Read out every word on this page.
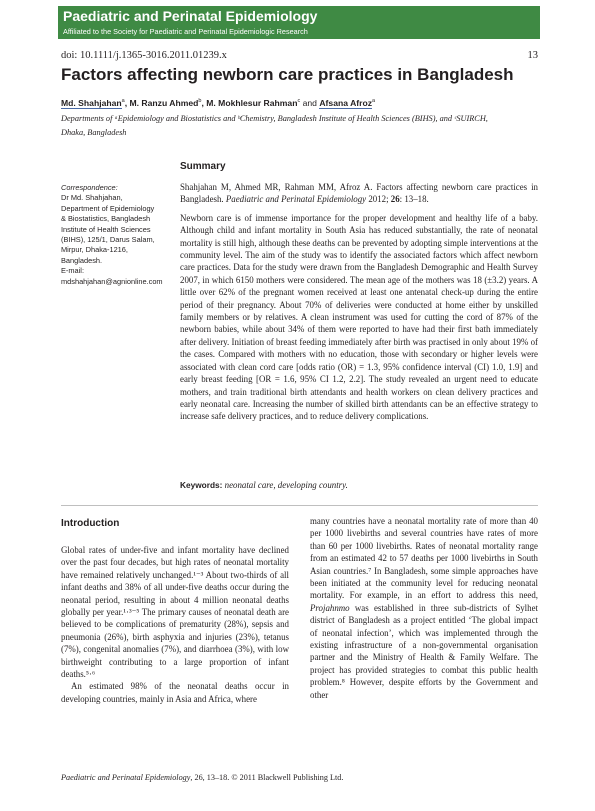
Paediatric and Perinatal Epidemiology
Affiliated to the Society for Paediatric and Perinatal Epidemiologic Research
doi: 10.1111/j.1365-3016.2011.01239.x	13
Factors affecting newborn care practices in Bangladesh
Md. Shahjahan$^a$, M. Ranzu Ahmed$^b$, M. Mokhlesur Rahman$^c$ and Afsana Afroz$^a$
Departments of ᵃEpidemiology and Biostatistics and ᵇChemistry, Bangladesh Institute of Health Sciences (BIHS), and ᶜSUIRCH,
Dhaka, Bangladesh
Summary
Correspondence:
Dr Md. Shahjahan,
Department of Epidemiology
& Biostatistics, Bangladesh
Institute of Health Sciences
(BIHS), 125/1, Darus Salam,
Mirpur, Dhaka-1216,
Bangladesh.
E-mail:
mdshahjahan@agnionline.com

Shahjahan M, Ahmed MR, Rahman MM, Afroz A. Factors affecting newborn care practices in Bangladesh. Paediatric and Perinatal Epidemiology 2012; 26: 13–18.

Newborn care is of immense importance for the proper development and healthy life of a baby. Although child and infant mortality in South Asia has reduced substantially, the rate of neonatal mortality is still high, although these deaths can be prevented by adopting simple interventions at the community level. The aim of the study was to identify the associated factors which affect newborn care practices. Data for the study were drawn from the Bangladesh Demographic and Health Survey 2007, in which 6150 mothers were considered. The mean age of the mothers was 18 (±3.2) years. A little over 62% of the pregnant women received at least one antenatal check-up during the entire period of their pregnancy. About 70% of deliveries were conducted at home either by unskilled family members or by relatives. A clean instrument was used for cutting the cord of 87% of the newborn babies, while about 34% of them were reported to have had their first bath immediately after delivery. Initiation of breast feeding immediately after birth was practised in only about 19% of the cases. Compared with mothers with no education, those with secondary or higher levels were associated with clean cord care [odds ratio (OR) = 1.3, 95% confidence interval (CI) 1.0, 1.9] and early breast feeding [OR = 1.6, 95% CI 1.2, 2.2]. The study revealed an urgent need to educate mothers, and train traditional birth attendants and health workers on clean delivery practices and early neonatal care. Increasing the number of skilled birth attendants can be an effective strategy to increase safe delivery practices, and to reduce delivery complications.

Keywords: neonatal care, developing country.
Introduction

Global rates of under-five and infant mortality have declined over the past four decades, but high rates of neonatal mortality have remained relatively unchanged.¹⁻³ About two-thirds of all infant deaths and 38% of all under-five deaths occur during the neonatal period, resulting in about 4 million neonatal deaths globally per year.¹·³⁻⁵ The primary causes of neonatal death are believed to be complications of prematurity (28%), sepsis and pneumonia (26%), birth asphyxia and injuries (23%), tetanus (7%), congenital anomalies (7%), and diarrhoea (3%), with low birthweight contributing to a large proportion of infant deaths.⁵·⁶

An estimated 98% of the neonatal deaths occur in developing countries, mainly in Asia and Africa, where

many countries have a neonatal mortality rate of more than 40 per 1000 livebirths and several countries have rates of more than 60 per 1000 livebirths. Rates of neonatal mortality range from an estimated 42 to 57 deaths per 1000 livebirths in South Asian countries.⁷ In Bangladesh, some simple approaches have been initiated at the community level for reducing neonatal mortality. For example, in an effort to address this need, Projahnmo was established in three sub-districts of Sylhet district of Bangladesh as a project entitled ‘The global impact of neonatal infection’, which was implemented through the existing infrastructure of a non-governmental organisation partner and the Ministry of Health & Family Welfare. The project has provided strategies to combat this public health problem.⁸ However, despite efforts by the Government and other

Paediatric and Perinatal Epidemiology, 26, 13–18. © 2011 Blackwell Publishing Ltd.
